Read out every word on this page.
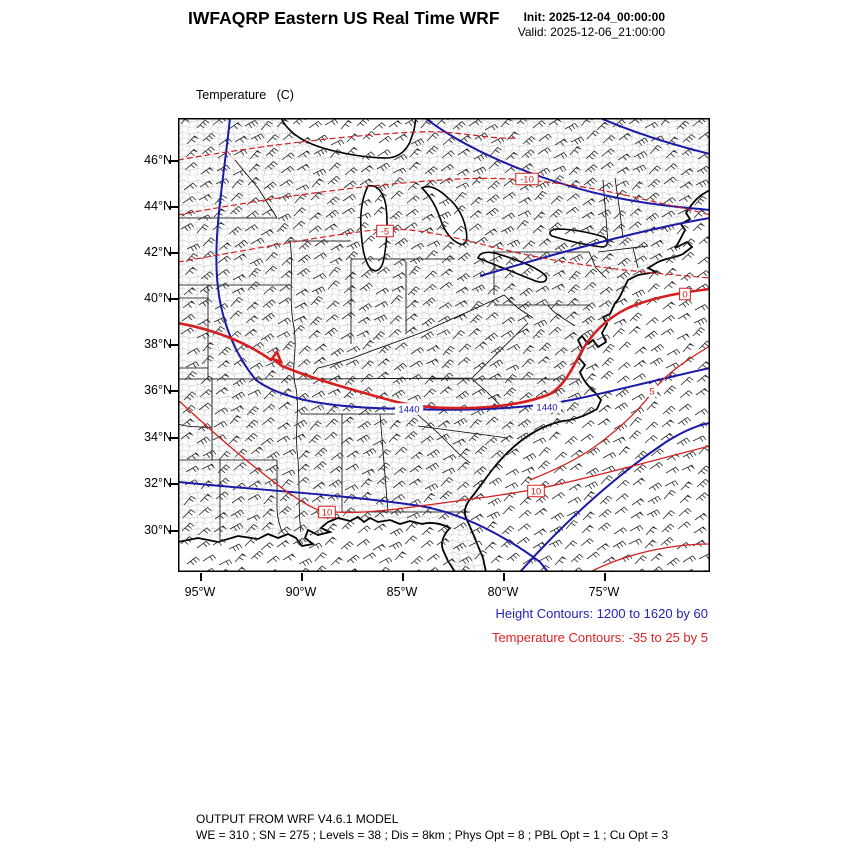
IWFAQRP Eastern US Real Time WRF	Init: 2025-12-04_00:00:00
Valid: 2025-12-06_21:00:00

Temperature   (C)

-10
-5
0
5
10
10
1440	1440
46°N
44°N
42°N
40°N
38°N
36°N
34°N
32°N
30°N
95°W	90°W	85°W	80°W	75°W
Height Contours: 1200 to 1620 by 60
Temperature Contours: -35 to 25 by 5
OUTPUT FROM WRF V4.6.1 MODEL
WE = 310 ; SN = 275 ; Levels = 38 ; Dis = 8km ; Phys Opt = 8 ; PBL Opt = 1 ; Cu Opt = 3
